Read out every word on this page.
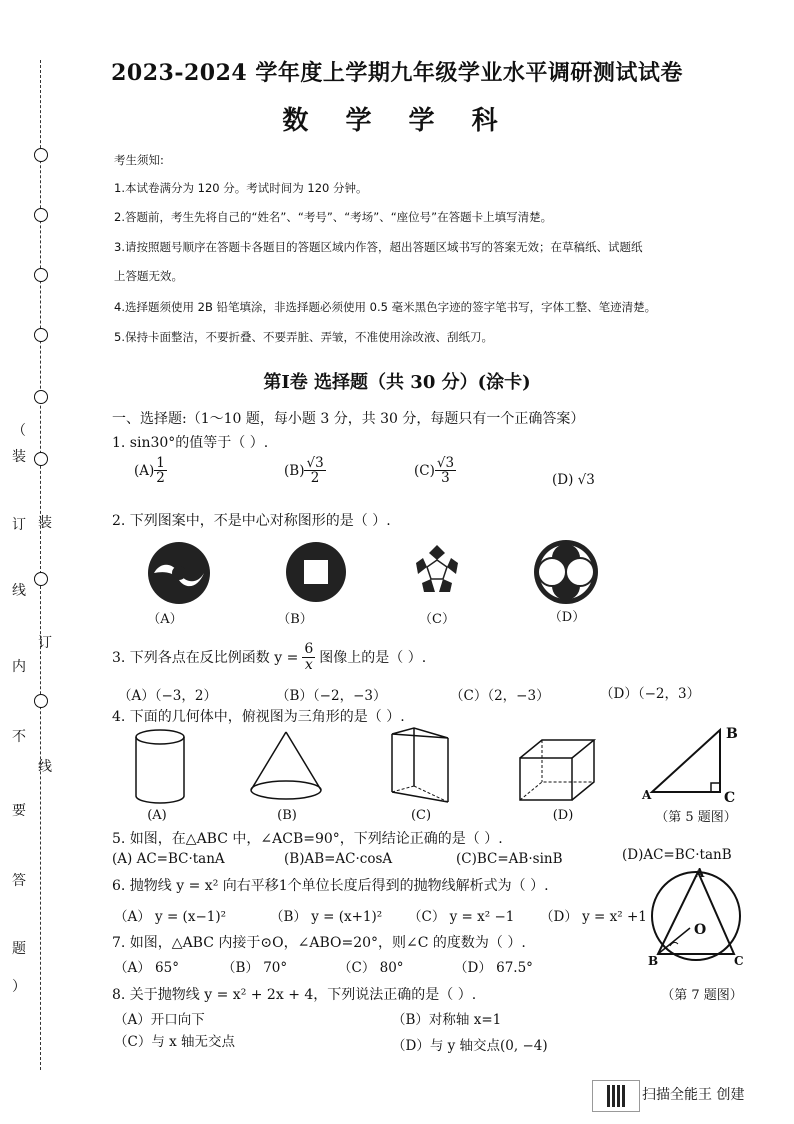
（
装
订
线
内
不
要
答
题
）
装
订
线
2023-2024 学年度上学期九年级学业水平调研测试试卷
数 学 学 科
考生须知:
1.本试卷满分为 120 分。考试时间为 120 分钟。
2.答题前，考生先将自己的“姓名”、“考号”、“考场”、“座位号”在答题卡上填写清楚。
3.请按照题号顺序在答题卡各题目的答题区域内作答，超出答题区域书写的答案无效；在草稿纸、试题纸
上答题无效。
4.选择题须使用 2B 铅笔填涂，非选择题必须使用 0.5 毫米黑色字迹的签字笔书写，字体工整、笔迹清楚。
5.保持卡面整洁，不要折叠、不要弄脏、弄皱，不准使用涂改液、刮纸刀。
第Ⅰ卷 选择题（共 30 分）(涂卡)
一、选择题:（1～10 题，每小题 3 分，共 30 分，每题只有一个正确答案）
1. sin30°的值等于（ ）.
$(A) \frac{1}{2}$	$(B) \frac{√3}{2}$	$(C) \frac{√3}{3}$	(D) √3
2. 下列图案中，不是中心对称图形的是（ ）.
（A）	（B）	（C）	（D）
3. 下列各点在反比例函数 $y = \frac{6}{x}$ 图像上的是（ ）.
（A）（−3，2）	（B）（−2，−3）	（C）（2，−3）	（D）（−2，3）
4. 下面的几何体中，俯视图为三角形的是（ ）.
(A)	(B)	(C)	(D)
B
A	C
（第 5 题图）
5. 如图，在△ABC 中，∠ACB=90°，下列结论正确的是（ ）.
(A) AC=BC·tanA	(B)AB=AC·cosA	(C)BC=AB·sinB	(D)AC=BC·tanB
6. 抛物线 y = x² 向右平移1个单位长度后得到的抛物线解析式为（ ）.
（A） y = (x−1)²	（B） y = (x+1)² （C） y = x² −1 （D） y = x² +1
7. 如图，△ABC 内接于⊙O，∠ABO=20°，则∠C 的度数为（ ）.
（A） 65°	（B） 70°	（C） 80°	（D） 67.5°
A
O
B	C
（第 7 题图）
8. 关于抛物线 y = x² + 2x + 4，下列说法正确的是（ ）.
（A）开口向下	（B）对称轴 x=1
（C）与 x 轴无交点	（D）与 y 轴交点(0, −4)
扫描全能王 创建
